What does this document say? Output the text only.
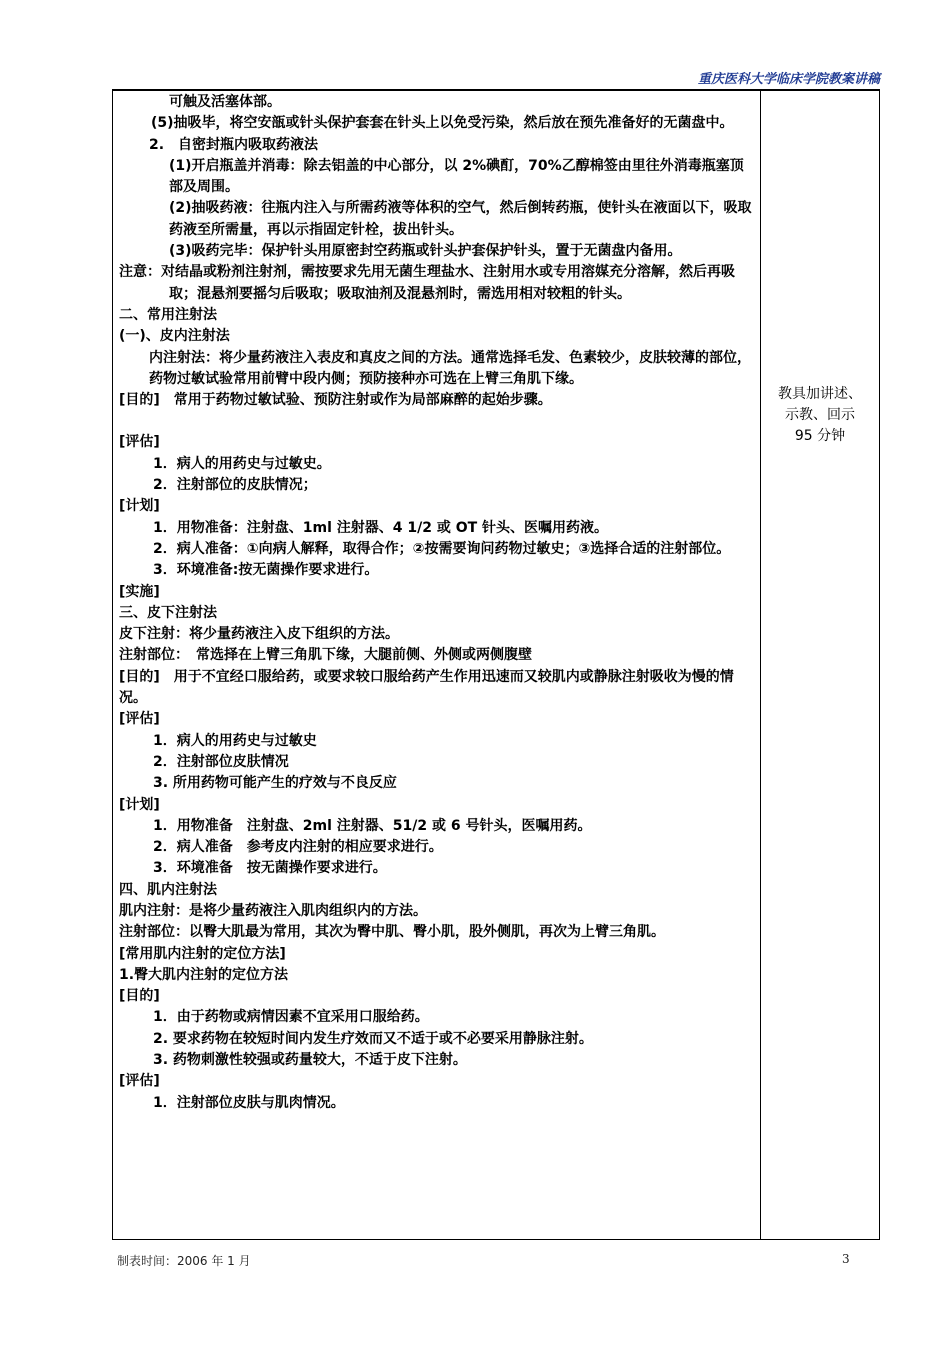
重庆医科大学临床学院教案讲稿

可触及活塞体部。

(5)抽吸毕，将空安瓿或针头保护套套在针头上以免受污染，然后放在预先准备好的无菌盘中。

2.　自密封瓶内吸取药液法

(1)开启瓶盖并消毒：除去铝盖的中心部分，以 2%碘酊，70%乙醇棉签由里往外消毒瓶塞顶部及周围。

(2)抽吸药液：往瓶内注入与所需药液等体积的空气，然后倒转药瓶，使针头在液面以下，吸取药液至所需量，再以示指固定针栓，拔出针头。

(3)吸药完毕：保护针头用原密封空药瓶或针头护套保护针头，置于无菌盘内备用。

注意：对结晶或粉剂注射剂，需按要求先用无菌生理盐水、注射用水或专用溶媒充分溶解，然后再吸取；混悬剂要摇匀后吸取；吸取油剂及混悬剂时，需选用相对较粗的针头。

二、常用注射法

(一)、皮内注射法

内注射法：将少量药液注入表皮和真皮之间的方法。通常选择毛发、色素较少，皮肤较薄的部位，药物过敏试验常用前臂中段内侧；预防接种亦可选在上臂三角肌下缘。

[目的]　常用于药物过敏试验、预防注射或作为局部麻醉的起始步骤。

[评估]

1．病人的用药史与过敏史。

2．注射部位的皮肤情况；

[计划]

1．用物准备：注射盘、1ml 注射器、4 1/2 或 OT 针头、医嘱用药液。

2．病人准备：①向病人解释，取得合作；②按需要询问药物过敏史；③选择合适的注射部位。

3．环境准备:按无菌操作要求进行。

[实施]

三、皮下注射法

皮下注射：将少量药液注入皮下组织的方法。

注射部位：　常选择在上臂三角肌下缘，大腿前侧、外侧或两侧腹壁

[目的]　用于不宜经口服给药，或要求较口服给药产生作用迅速而又较肌内或静脉注射吸收为慢的情况。

[评估]

1．病人的用药史与过敏史

2．注射部位皮肤情况

3. 所用药物可能产生的疗效与不良反应

[计划]

1．用物准备　注射盘、2ml 注射器、51/2 或 6 号针头，医嘱用药。

2．病人准备　参考皮内注射的相应要求进行。

3．环境准备　按无菌操作要求进行。

四、肌内注射法

肌内注射：是将少量药液注入肌肉组织内的方法。

注射部位：以臀大肌最为常用，其次为臀中肌、臀小肌，股外侧肌，再次为上臂三角肌。

[常用肌内注射的定位方法]

1.臀大肌内注射的定位方法

[目的]

1．由于药物或病情因素不宜采用口服给药。

2. 要求药物在较短时间内发生疗效而又不适于或不必要采用静脉注射。

3. 药物刺激性较强或药量较大，不适于皮下注射。

[评估]

1．注射部位皮肤与肌肉情况。

教具加讲述、
示教、回示
95 分钟
制表时间：2006 年 1 月	3
